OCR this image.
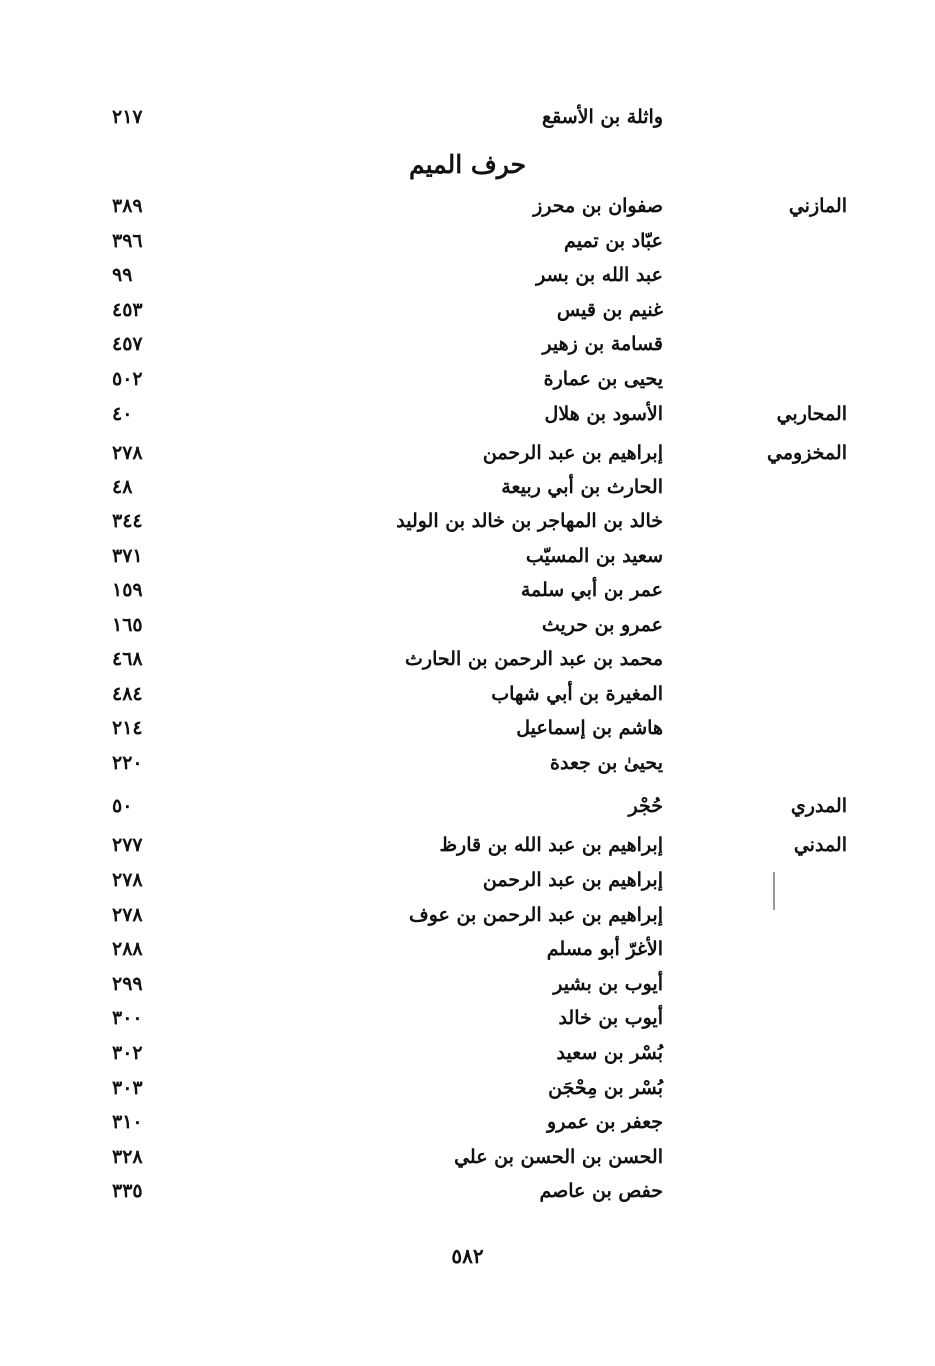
حرف الميم
واثلة بن الأسقع
٢١٧
المازني
صفوان بن محرز
٣٨٩
عبّاد بن تميم
٣٩٦
عبد الله بن بسر
٩٩
غنيم بن قيس
٤٥٣
قسامة بن زهير
٤٥٧
يحيى بن عمارة
٥٠٢
المحاربي
الأسود بن هلال
٤٠
المخزومي
إبراهيم بن عبد الرحمن
٢٧٨
الحارث بن أبي ربيعة
٤٨
خالد بن المهاجر بن خالد بن الوليد
٣٤٤
سعيد بن المسيّب
٣٧١
عمر بن أبي سلمة
١٥٩
عمرو بن حريث
١٦٥
محمد بن عبد الرحمن بن الحارث
٤٦٨
المغيرة بن أبي شهاب
٤٨٤
هاشم بن إسماعيل
٢١٤
يحيىٰ بن جعدة
٢٢٠
المدري
حُجْر
٥٠
المدني
إبراهيم بن عبد الله بن قارظ
٢٧٧
إبراهيم بن عبد الرحمن
٢٧٨
إبراهيم بن عبد الرحمن بن عوف
٢٧٨
الأغرّ أبو مسلم
٢٨٨
أيوب بن بشير
٢٩٩
أيوب بن خالد
٣٠٠
بُسْر بن سعيد
٣٠٢
بُسْر بن مِحْجَن
٣٠٣
جعفر بن عمرو
٣١٠
الحسن بن الحسن بن علي
٣٢٨
حفص بن عاصم
٣٣٥
٥٨٢
